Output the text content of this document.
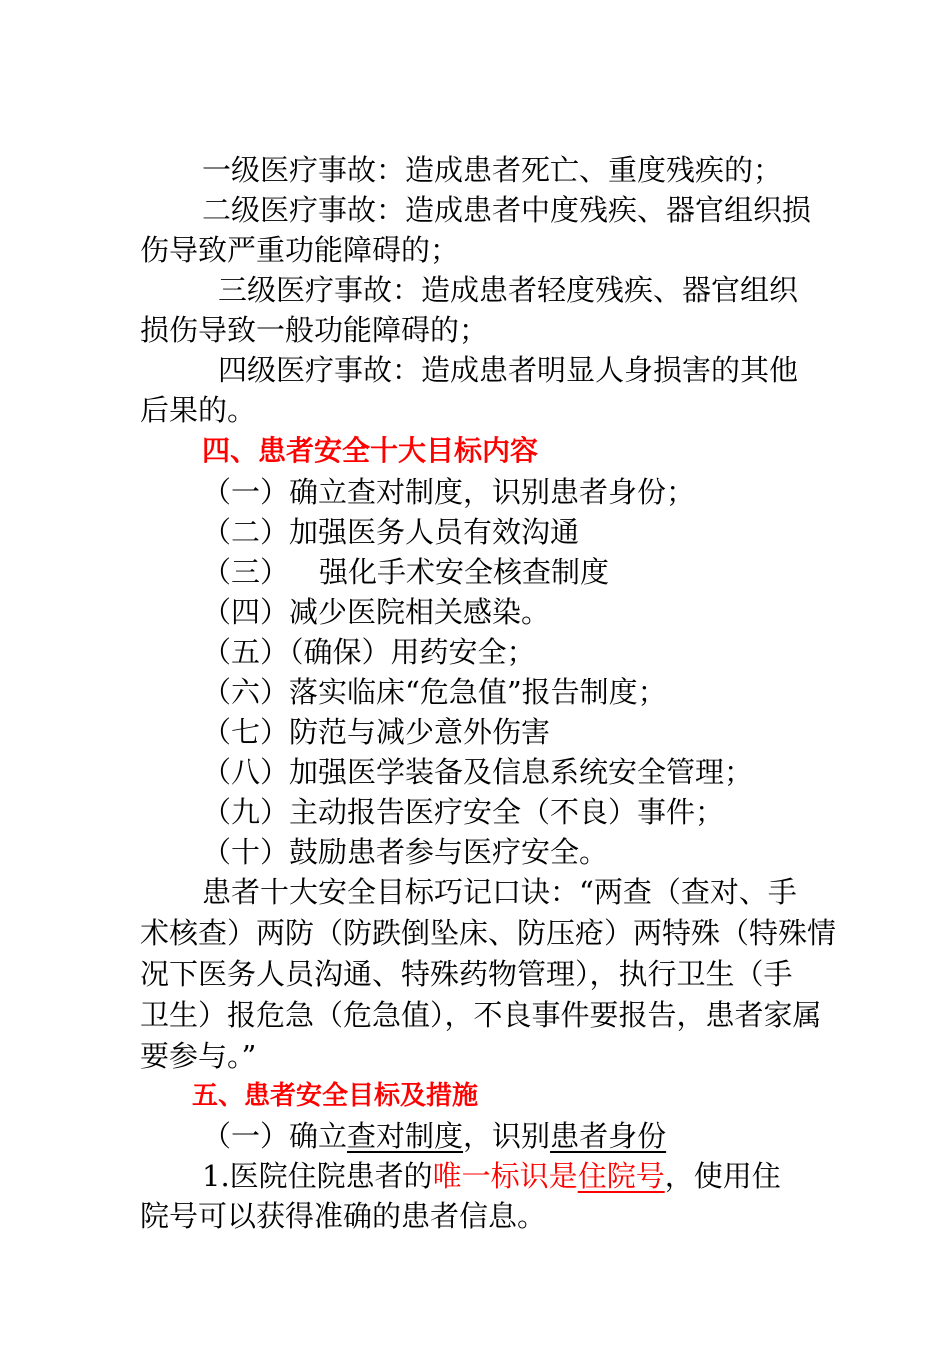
一级医疗事故：造成患者死亡、重度残疾的；
二级医疗事故：造成患者中度残疾、器官组织损
伤导致严重功能障碍的；
三级医疗事故：造成患者轻度残疾、器官组织
损伤导致一般功能障碍的；
四级医疗事故：造成患者明显人身损害的其他
后果的。
四、患者安全十大目标内容
（一）确立查对制度，识别患者身份；
（二）加强医务人员有效沟通
（三） 强化手术安全核查制度
（四）减少医院相关感染。
（五）（确保）用药安全；
（六）落实临床“危急值”报告制度；
（七）防范与减少意外伤害
（八）加强医学装备及信息系统安全管理；
（九）主动报告医疗安全（不良）事件；
（十）鼓励患者参与医疗安全。
患者十大安全目标巧记口诀：“两查（查对、手
术核查）两防（防跌倒坠床、防压疮）两特殊（特殊情
况下医务人员沟通、特殊药物管理），执行卫生（手
卫生）报危急（危急值），不良事件要报告，患者家属
要参与。”
五、患者安全目标及措施
（一）确立查对制度，识别患者身份
1.医院住院患者的唯一标识是住院号，使用住
院号可以获得准确的患者信息。
